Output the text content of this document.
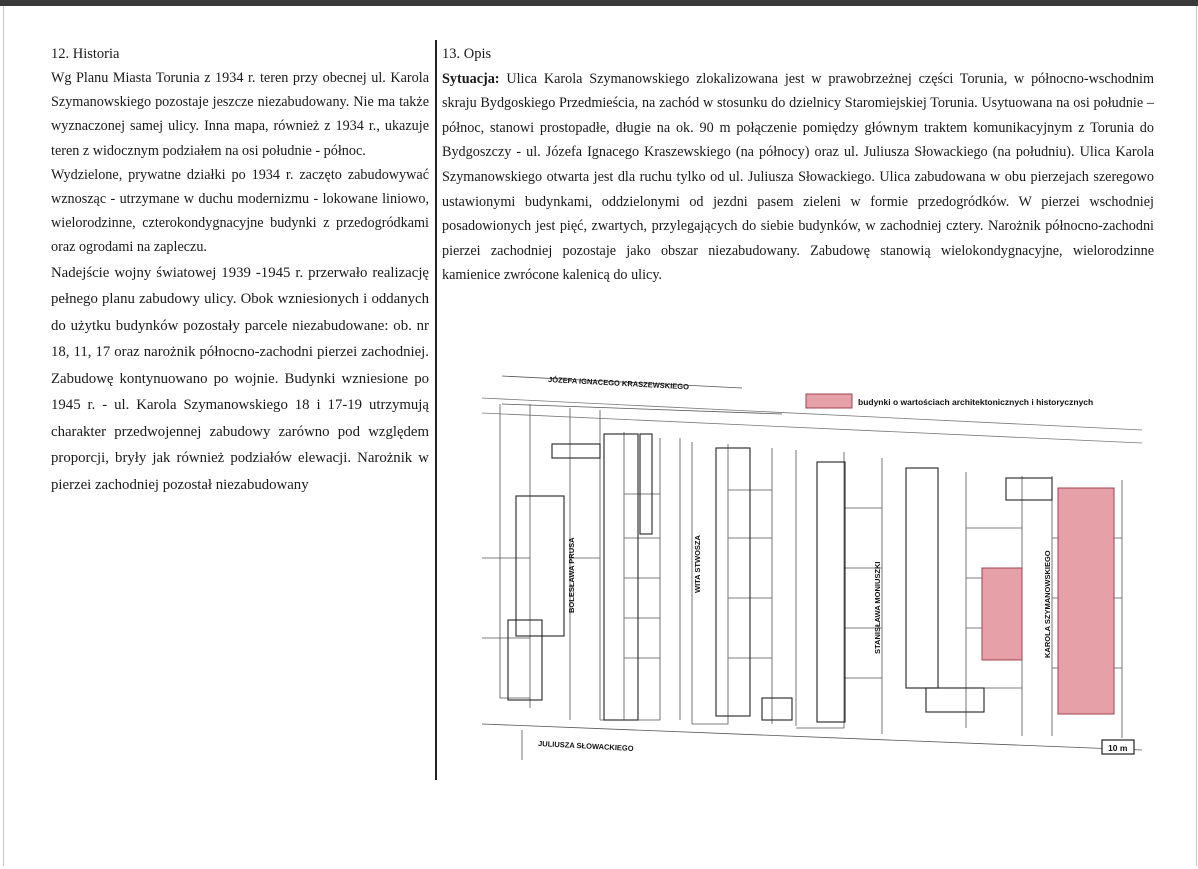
12. Historia

Wg Planu Miasta Torunia z 1934 r. teren przy obecnej ul. Karola Szymanowskiego pozostaje jeszcze niezabudowany. Nie ma także wyznaczonej samej ulicy. Inna mapa, również z 1934 r., ukazuje teren z widocznym podziałem na osi południe - północ.

Wydzielone, prywatne działki po 1934 r. zaczęto zabudowywać wznosząc - utrzymane w duchu modernizmu - lokowane liniowo, wielorodzinne, czterokondygnacyjne budynki z przedogródkami oraz ogrodami na zapleczu.

Nadejście wojny światowej 1939 -1945 r. przerwało realizację pełnego planu zabudowy ulicy. Obok wzniesionych i oddanych do użytku budynków pozostały parcele niezabudowane: ob. nr 18, 11, 17 oraz narożnik północno-zachodni pierzei zachodniej. Zabudowę kontynuowano po wojnie. Budynki wzniesione po 1945 r. - ul. Karola Szymanowskiego 18 i 17-19 utrzymują charakter przedwojennej zabudowy zarówno pod względem proporcji, bryły jak również podziałów elewacji. Narożnik w pierzei zachodniej pozostał niezabudowany

13. Opis

Sytuacja: Ulica Karola Szymanowskiego zlokalizowana jest w prawobrzeżnej części Torunia, w północno-wschodnim skraju Bydgoskiego Przedmieścia, na zachód w stosunku do dzielnicy Staromiejskiej Torunia. Usytuowana na osi południe – północ, stanowi prostopadłe, długie na ok. 90 m połączenie pomiędzy głównym traktem komunikacyjnym z Torunia do Bydgoszczy - ul. Józefa Ignacego Kraszewskiego (na północy) oraz ul. Juliusza Słowackiego (na południu). Ulica Karola Szymanowskiego otwarta jest dla ruchu tylko od ul. Juliusza Słowackiego. Ulica zabudowana w obu pierzejach szeregowo ustawionymi budynkami, oddzielonymi od jezdni pasem zieleni w formie przedogródków. W pierzei wschodniej posadowionych jest pięć, zwartych, przylegających do siebie budynków, w zachodniej cztery. Narożnik północno-zachodni pierzei zachodniej pozostaje jako obszar niezabudowany. Zabudowę stanowią wielokondygnacyjne, wielorodzinne kamienice zwrócone kalenicą do ulicy.

budynki o wartościach architektonicznych i historycznych
JÓZEFA IGNACEGO KRASZEWSKIEGO
JULIUSZA SŁOWACKIEGO
BOLESŁAWA PRUSA	WITA STWOSZA	STANISŁAWA MONIUSZKI	KAROLA SZYMANOWSKIEGO
10 m
